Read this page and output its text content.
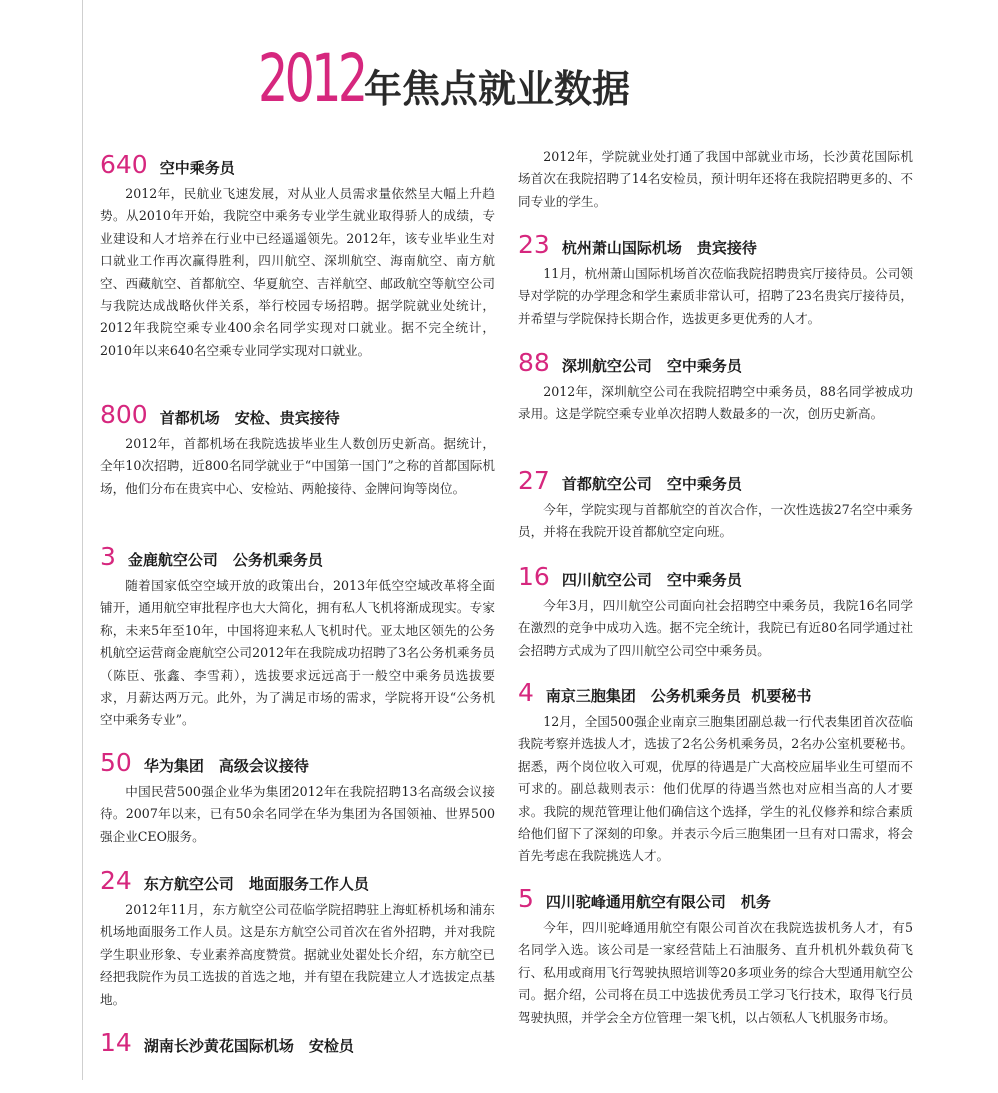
2012 年焦点就业数据
640 空中乘务员

2012年，民航业飞速发展，对从业人员需求量依然呈大幅上升趋势。从2010年开始，我院空中乘务专业学生就业取得骄人的成绩，专业建设和人才培养在行业中已经遥遥领先。2012年，该专业毕业生对口就业工作再次赢得胜利，四川航空、深圳航空、海南航空、南方航空、西藏航空、首都航空、华夏航空、吉祥航空、邮政航空等航空公司与我院达成战略伙伴关系，举行校园专场招聘。据学院就业处统计，2012年我院空乘专业400余名同学实现对口就业。据不完全统计，2010年以来640名空乘专业同学实现对口就业。

800 首都机场　安检、贵宾接待

2012年，首都机场在我院选拔毕业生人数创历史新高。据统计，全年10次招聘，近800名同学就业于“中国第一国门”之称的首都国际机场，他们分布在贵宾中心、安检站、两舱接待、金牌问询等岗位。

3 金鹿航空公司　公务机乘务员

随着国家低空空域开放的政策出台，2013年低空空域改革将全面铺开，通用航空审批程序也大大简化，拥有私人飞机将渐成现实。专家称，未来5年至10年，中国将迎来私人飞机时代。亚太地区领先的公务机航空运营商金鹿航空公司2012年在我院成功招聘了3名公务机乘务员（陈臣、张鑫、李雪莉），选拔要求远远高于一般空中乘务员选拔要求，月薪达两万元。此外，为了满足市场的需求，学院将开设“公务机空中乘务专业”。

50 华为集团　高级会议接待

中国民营500强企业华为集团2012年在我院招聘13名高级会议接待。2007年以来，已有50余名同学在华为集团为各国领袖、世界500强企业CEO服务。

24 东方航空公司　地面服务工作人员

2012年11月，东方航空公司莅临学院招聘驻上海虹桥机场和浦东机场地面服务工作人员。这是东方航空公司首次在省外招聘，并对我院学生职业形象、专业素养高度赞赏。据就业处翟处长介绍，东方航空已经把我院作为员工选拔的首选之地，并有望在我院建立人才选拔定点基地。

14 湖南长沙黄花国际机场　安检员

2012年，学院就业处打通了我国中部就业市场，长沙黄花国际机场首次在我院招聘了14名安检员，预计明年还将在我院招聘更多的、不同专业的学生。

23 杭州萧山国际机场　贵宾接待

11月，杭州萧山国际机场首次莅临我院招聘贵宾厅接待员。公司领导对学院的办学理念和学生素质非常认可，招聘了23名贵宾厅接待员，并希望与学院保持长期合作，选拔更多更优秀的人才。

88 深圳航空公司　空中乘务员

2012年，深圳航空公司在我院招聘空中乘务员，88名同学被成功录用。这是学院空乘专业单次招聘人数最多的一次，创历史新高。

27 首都航空公司　空中乘务员

今年，学院实现与首都航空的首次合作，一次性选拔27名空中乘务员，并将在我院开设首都航空定向班。

16 四川航空公司　空中乘务员

今年3月，四川航空公司面向社会招聘空中乘务员，我院16名同学在激烈的竞争中成功入选。据不完全统计，我院已有近80名同学通过社会招聘方式成为了四川航空公司空中乘务员。

4 南京三胞集团　公务机乘务员  机要秘书

12月，全国500强企业南京三胞集团副总裁一行代表集团首次莅临我院考察并选拔人才，选拔了2名公务机乘务员，2名办公室机要秘书。据悉，两个岗位收入可观，优厚的待遇是广大高校应届毕业生可望而不可求的。副总裁则表示：他们优厚的待遇当然也对应相当高的人才要求。我院的规范管理让他们确信这个选择，学生的礼仪修养和综合素质给他们留下了深刻的印象。并表示今后三胞集团一旦有对口需求，将会首先考虑在我院挑选人才。

5 四川驼峰通用航空有限公司　机务

今年，四川驼峰通用航空有限公司首次在我院选拔机务人才，有5名同学入选。该公司是一家经营陆上石油服务、直升机机外载负荷飞行、私用或商用飞行驾驶执照培训等20多项业务的综合大型通用航空公司。据介绍，公司将在员工中选拔优秀员工学习飞行技术，取得飞行员驾驶执照，并学会全方位管理一架飞机，以占领私人飞机服务市场。
